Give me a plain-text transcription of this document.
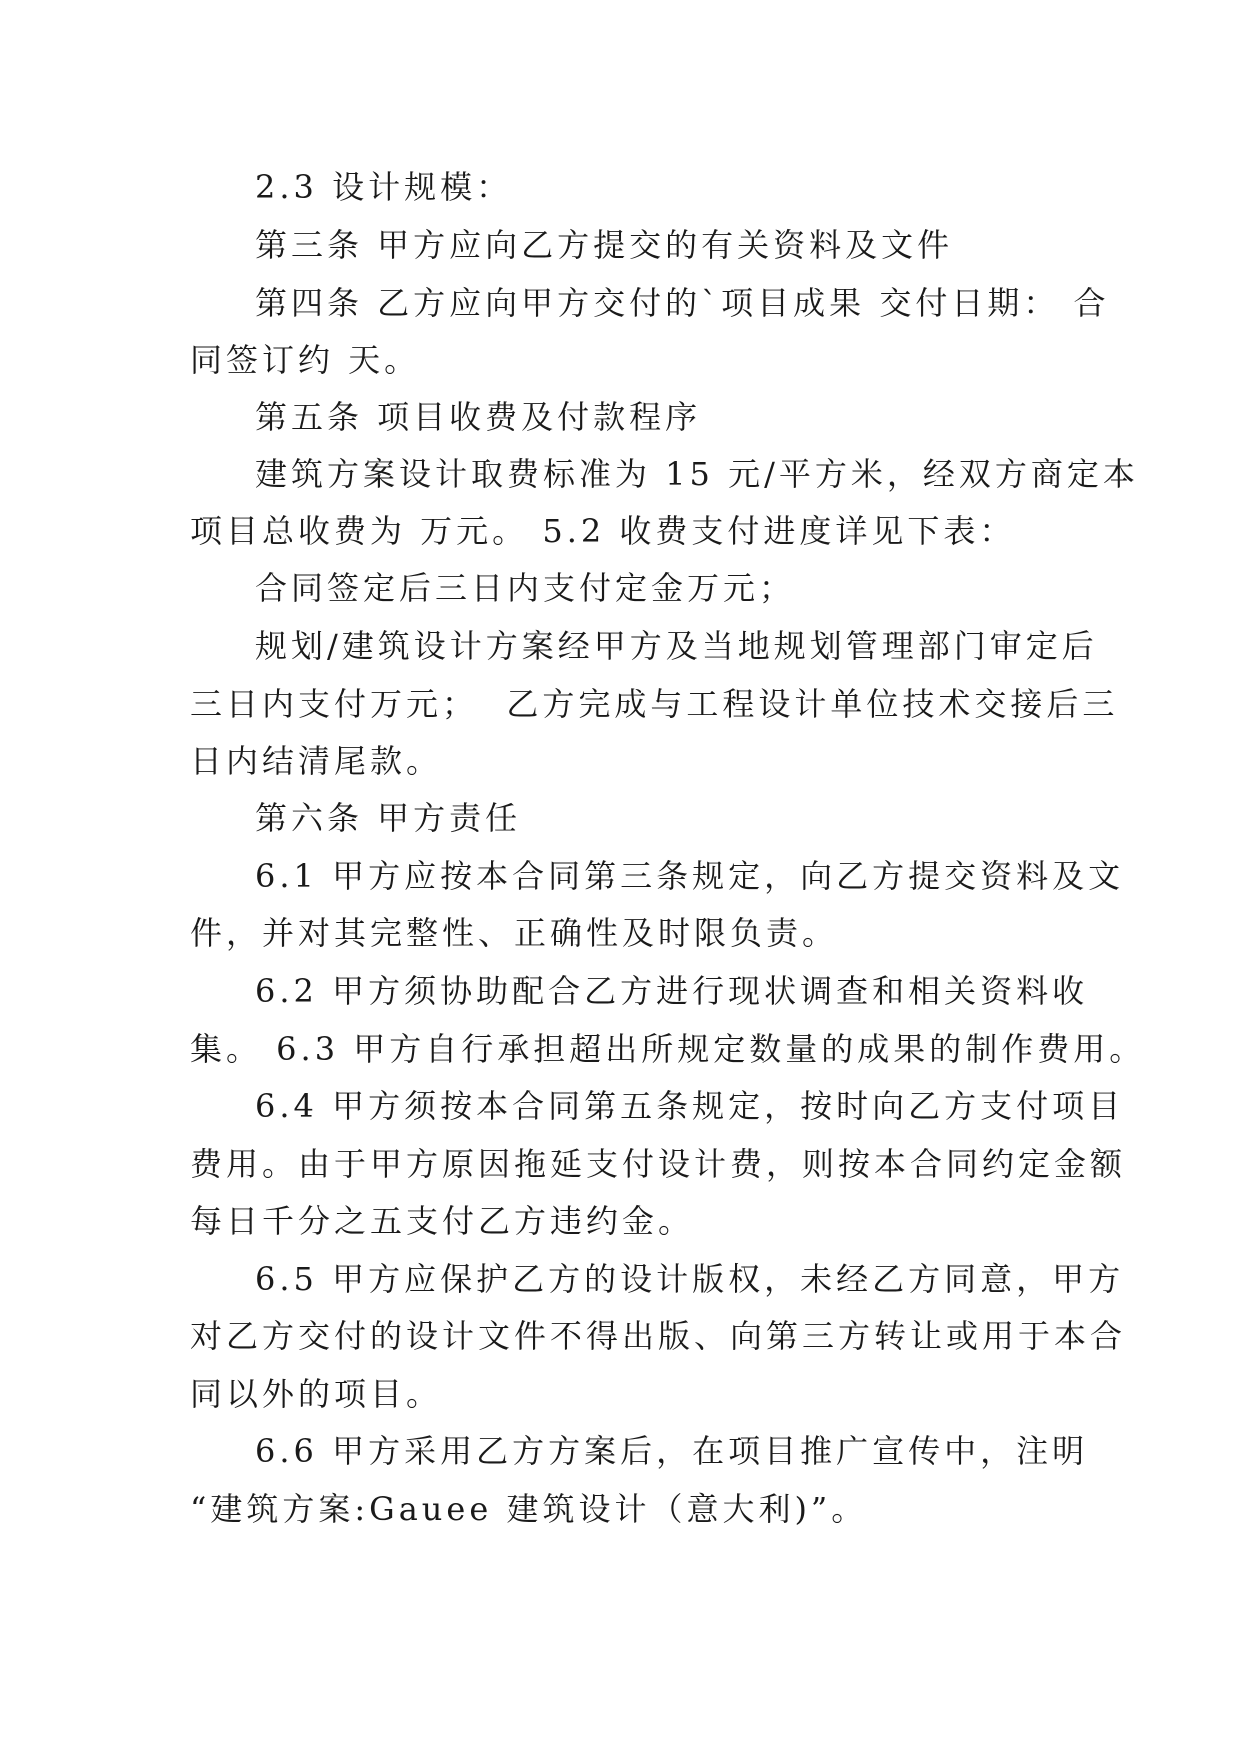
2.3 设计规模：
第三条 甲方应向乙方提交的有关资料及文件
第四条 乙方应向甲方交付的`项目成果 交付日期： 合
同签订约 天。
第五条 项目收费及付款程序
建筑方案设计取费标准为 15 元/平方米，经双方商定本
项目总收费为 万元。 5.2 收费支付进度详见下表：
合同签定后三日内支付定金万元；
规划/建筑设计方案经甲方及当地规划管理部门审定后
三日内支付万元；  乙方完成与工程设计单位技术交接后三
日内结清尾款。
第六条 甲方责任
6.1 甲方应按本合同第三条规定，向乙方提交资料及文
件，并对其完整性、正确性及时限负责。
6.2 甲方须协助配合乙方进行现状调查和相关资料收
集。 6.3 甲方自行承担超出所规定数量的成果的制作费用。
6.4 甲方须按本合同第五条规定，按时向乙方支付项目
费用。由于甲方原因拖延支付设计费，则按本合同约定金额
每日千分之五支付乙方违约金。
6.5 甲方应保护乙方的设计版权，未经乙方同意，甲方
对乙方交付的设计文件不得出版、向第三方转让或用于本合
同以外的项目。
6.6 甲方采用乙方方案后，在项目推广宣传中，注明
“建筑方案:Gauee 建筑设计（意大利)”。
